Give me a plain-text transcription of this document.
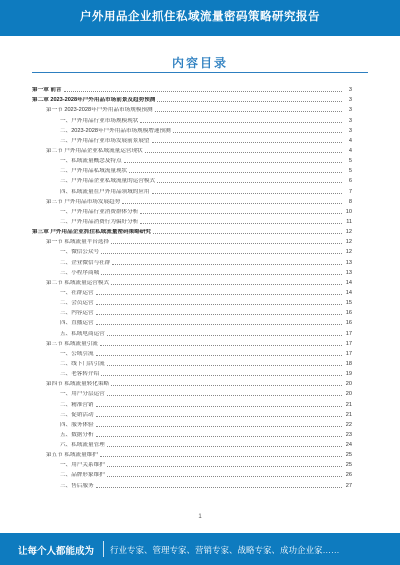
户外用品企业抓住私域流量密码策略研究报告
内容目录
第一章 前言	3
第二章 2023-2028年户外用品市场前景及趋势预测	3
第一节 2023-2028年户外用品市场规模预测	3
一、户外用品行业市场规模现状	3
二、2023-2028年户外用品市场规模增速预测	3
三、户外用品行业市场发展前景展望	4
第二节 户外用品企业私域流量运营现状	4
一、私域流量概念及特点	5
二、户外用品私域流量现状	5
三、户外用品企业私域流量的运营模式	6
四、私域流量在户外用品领域的应用	7
第三节 户外用品市场发展趋势	8
一、户外用品行业消费群体分析	10
二、户外用品消费行为偏好分析	11
第三章 户外用品企业抓住私域流量密码策略研究	12
第一节 私域流量平台选择	12
一、微信公众号	12
二、企业微信与社群	13
三、小程序商城	13
第二节 私域流量运营模式	14
一、社群运营	14
二、会员运营	15
三、内容运营	16
四、直播运营	16
五、私域电商运营	17
第三节 私域流量引流	17
一、公域引流	17
二、线下门店引流	18
三、老客转介绍	19
第四节 私域流量转化策略	20
一、用户分层运营	20
二、精准营销	21
三、促销活动	21
四、服务体验	22
五、数据分析	23
六、私域流量管理	24
第五节 私域流量维护	25
一、用户关系维护	25
二、品牌形象维护	26
三、售后服务	27
1
让每个人都能成为 行业专家、管理专家、营销专家、战略专家、成功企业家……
